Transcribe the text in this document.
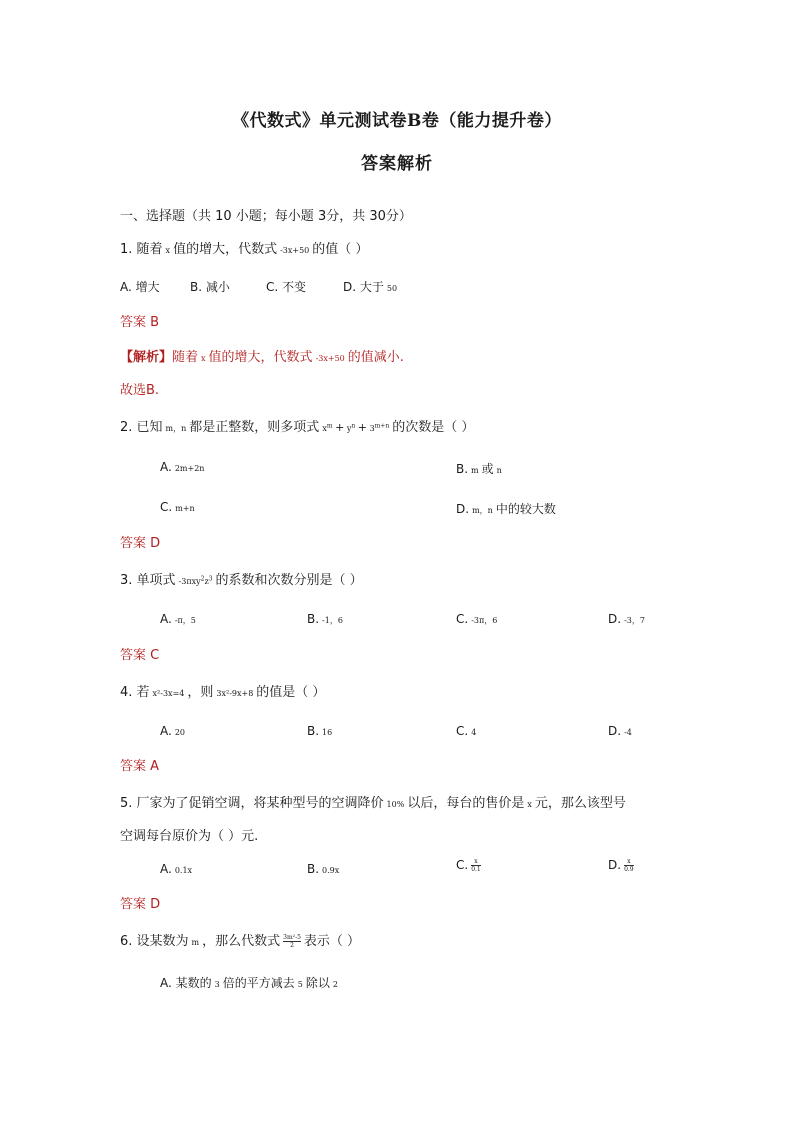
《代数式》单元测试卷B卷（能力提升卷）
答案解析
一、选择题（共 10 小题；每小题 3分，共 30分）
1. 随着 x 值的增大，代数式 -3x+50 的值（ ）
A. 增大	B. 减小	C. 不变	D. 大于 50
答案 B
【解析】随着 x 值的增大，代数式 -3x+50 的值减小.
故选B.
2. 已知 m，n 都是正整数，则多项式 $x^m + y^n + 3^{m+n}$ 的次数是（ ）
A. 2m+2n	B. m 或 n
C. m+n	D. m，n 中的较大数
答案 D
3. 单项式 $-3\pi xy^2z^3$ 的系数和次数分别是（ ）
A. -π，5	B. -1，6	C. -3π，6	D. -3，7
答案 C
4. 若 x²-3x=4 ，则 3x²-9x+8 的值是（ ）
A. 20	B. 16	C. 4	D. -4
答案 A
5. 厂家为了促销空调，将某种型号的空调降价 10% 以后，每台的售价是 x 元，那么该型号
空调每台原价为（ ）元.
A. 0.1x	B. 0.9x	C. $\frac{x}{0.1}$	D. $\frac{x}{0.9}$
答案 D
6. 设某数为 m ，那么代数式 $\frac{\text{3m²-5}}{2}$ 表示（ ）
A. 某数的 3 倍的平方减去 5 除以 2
